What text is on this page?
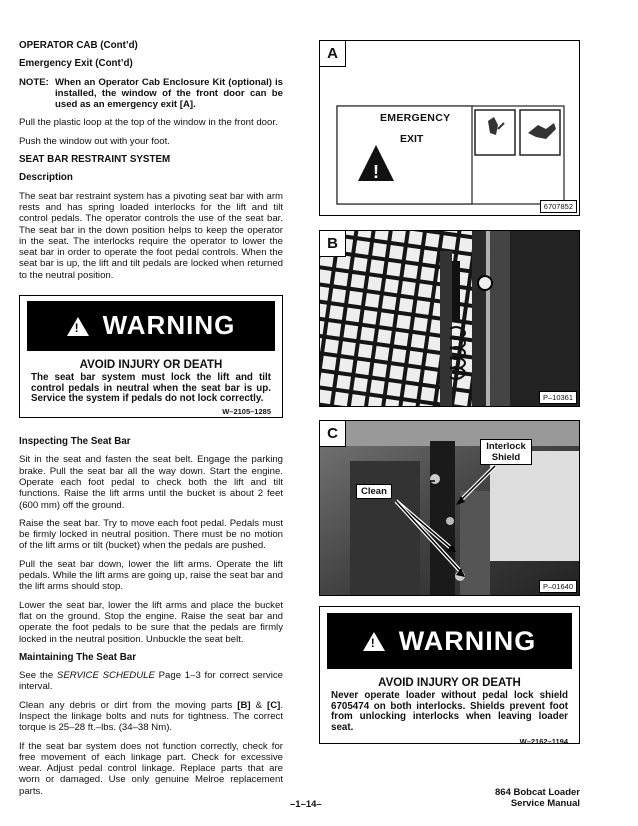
OPERATOR CAB (Cont’d)
Emergency Exit (Cont’d)
NOTE: When an Operator Cab Enclosure Kit (optional) is installed, the window of the front door can be used as an emergency exit [A].

Pull the plastic loop at the top of the window in the front door.

Push the window out with your foot.

SEAT BAR RESTRAINT SYSTEM
Description

The seat bar restraint system has a pivoting seat bar with arm rests and has spring loaded interlocks for the lift and tilt control pedals. The operator controls the use of the seat bar. The seat bar in the down position helps to keep the operator in the seat. The interlocks require the operator to lower the seat bar in order to operate the foot pedal controls. When the seat bar is up, the lift and tilt pedals are locked when returned to the neutral position.

! WARNING
AVOID INJURY OR DEATH
The seat bar system must lock the lift and tilt control pedals in neutral when the seat bar is up. Service the system if pedals do not lock correctly.
W–2105–1285
Inspecting The Seat Bar

Sit in the seat and fasten the seat belt. Engage the parking brake. Pull the seat bar all the way down. Start the engine. Operate each foot pedal to check both the lift and tilt functions. Raise the lift arms until the bucket is about 2 feet (600 mm) off the ground.

Raise the seat bar. Try to move each foot pedal. Pedals must be firmly locked in neutral position. There must be no motion of the lift arms or tilt (bucket) when the pedals are pushed.

Pull the seat bar down, lower the lift arms. Operate the lift pedals. While the lift arms are going up, raise the seat bar and the lift arms should stop.

Lower the seat bar, lower the lift arms and place the bucket flat on the ground. Stop the engine. Raise the seat bar and operate the foot pedals to be sure that the pedals are firmly locked in the neutral position. Unbuckle the seat belt.

Maintaining The Seat Bar

See the SERVICE SCHEDULE Page 1–3 for correct service interval.

Clean any debris or dirt from the moving parts [B] & [C]. Inspect the linkage bolts and nuts for tightness. The correct torque is 25–28 ft.–lbs. (34–38 Nm).

If the seat bar system does not function correctly, check for free movement of each linkage part. Check for excessive wear. Adjust pedal control linkage. Replace parts that are worn or damaged. Use only genuine Melroe replacement parts.

A
!
EMERGENCY
EXIT
6707852
B
P–10361
C
Interlock Shield
Clean
P–01640
! WARNING
AVOID INJURY OR DEATH
Never operate loader without pedal lock shield 6705474 on both interlocks. Shields prevent foot from unlocking interlocks when leaving loader seat.
W–2162–1194
–1–14–
864 Bobcat Loader
Service Manual
